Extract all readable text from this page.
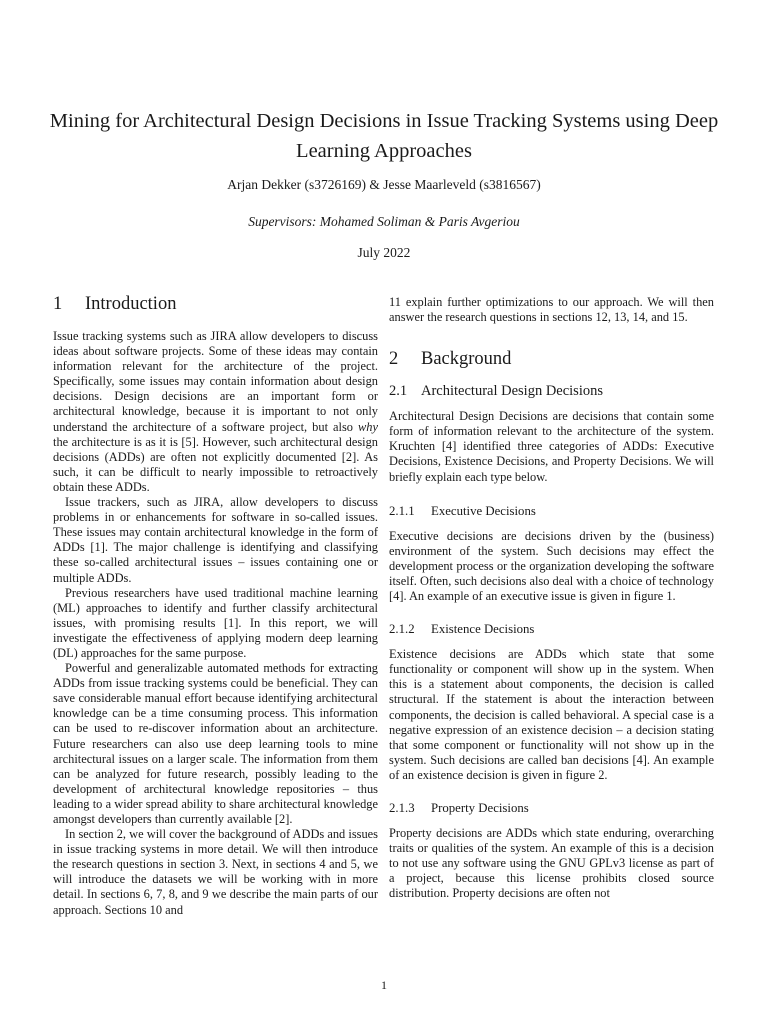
Mining for Architectural Design Decisions in Issue Tracking Systems using Deep Learning Approaches
Arjan Dekker (s3726169) & Jesse Maarleveld (s3816567)
Supervisors: Mohamed Soliman & Paris Avgeriou
July 2022
1 Introduction

Issue tracking systems such as JIRA allow developers to discuss ideas about software projects. Some of these ideas may contain information relevant for the architecture of the project. Specifically, some issues may contain information about design decisions. Design decisions are an important form or architectural knowledge, because it is important to not only understand the architecture of a software project, but also why the architecture is as it is [5]. However, such architectural design decisions (ADDs) are often not explicitly documented [2]. As such, it can be difficult to nearly impossible to retroactively obtain these ADDs.

Issue trackers, such as JIRA, allow developers to discuss problems in or enhancements for software in so-called issues. These issues may contain architectural knowledge in the form of ADDs [1]. The major challenge is identifying and classifying these so-called architectural issues – issues containing one or multiple ADDs.

Previous researchers have used traditional machine learning (ML) approaches to identify and further classify architectural issues, with promising results [1]. In this report, we will investigate the effectiveness of applying modern deep learning (DL) approaches for the same purpose.

Powerful and generalizable automated methods for extracting ADDs from issue tracking systems could be beneficial. They can save considerable manual effort because identifying architectural knowledge can be a time consuming process. This information can be used to re-discover information about an architecture. Future researchers can also use deep learning tools to mine architectural issues on a larger scale. The information from them can be analyzed for future research, possibly leading to the development of architectural knowledge repositories – thus leading to a wider spread ability to share architectural knowledge amongst developers than currently available [2].

In section 2, we will cover the background of ADDs and issues in issue tracking systems in more detail. We will then introduce the research questions in section 3. Next, in sections 4 and 5, we will introduce the datasets we will be working with in more detail. In sections 6, 7, 8, and 9 we describe the main parts of our approach. Sections 10 and

11 explain further optimizations to our approach. We will then answer the research questions in sections 12, 13, 14, and 15.

2 Background
2.1 Architectural Design Decisions

Architectural Design Decisions are decisions that contain some form of information relevant to the architecture of the system. Kruchten [4] identified three categories of ADDs: Executive Decisions, Existence Decisions, and Property Decisions. We will briefly explain each type below.

2.1.1 Executive Decisions

Executive decisions are decisions driven by the (business) environment of the system. Such decisions may effect the development process or the organization developing the software itself. Often, such decisions also deal with a choice of technology [4]. An example of an executive issue is given in figure 1.

2.1.2 Existence Decisions

Existence decisions are ADDs which state that some functionality or component will show up in the system. When this is a statement about components, the decision is called structural. If the statement is about the interaction between components, the decision is called behavioral. A special case is a negative expression of an existence decision – a decision stating that some component or functionality will not show up in the system. Such decisions are called ban decisions [4]. An example of an existence decision is given in figure 2.

2.1.3 Property Decisions

Property decisions are ADDs which state enduring, overarching traits or qualities of the system. An example of this is a decision to not use any software using the GNU GPLv3 license as part of a project, because this license prohibits closed source distribution. Property decisions are often not

1
